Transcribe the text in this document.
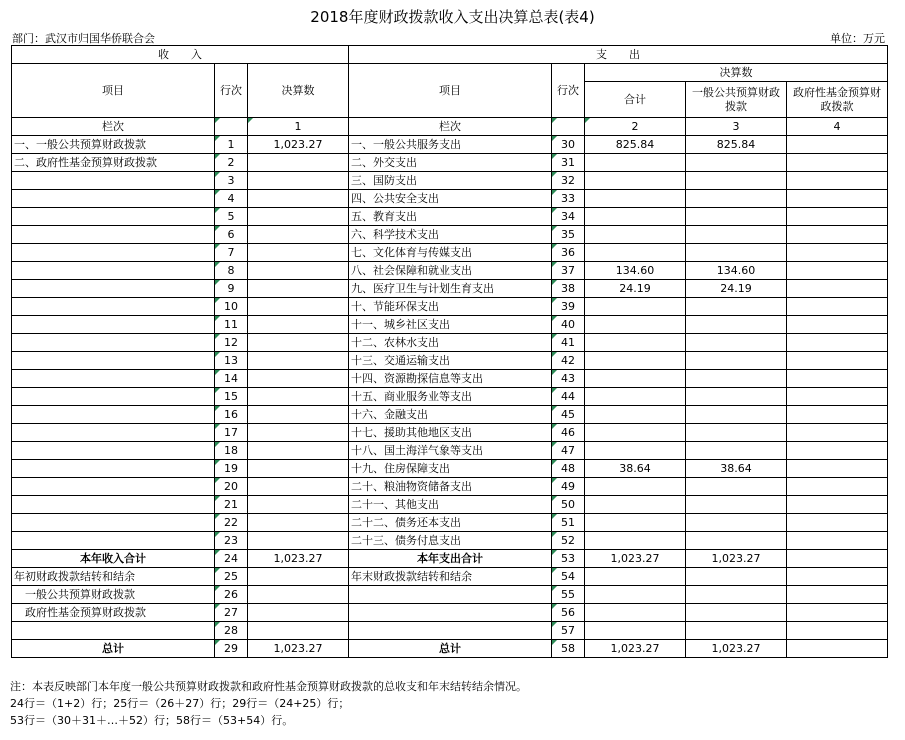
2018年度财政拨款收入支出决算总表(表4)
部门：武汉市归国华侨联合会	单位：万元
收　　入			支　　出				
项目	行次	决算数	项目	行次	决算数		
					合计	一般公共预算财政拨款	政府性基金预算财政拨款

栏次		1	栏次		2	3	4
一、一般公共预算财政拨款	1	1,023.27	一、一般公共服务支出	30	825.84	825.84	
二、政府性基金预算财政拨款	2		二、外交支出	31			
	3		三、国防支出	32			
	4		四、公共安全支出	33			
	5		五、教育支出	34			
	6		六、科学技术支出	35			
	7		七、文化体育与传媒支出	36			
	8		八、社会保障和就业支出	37	134.60	134.60	
	9		九、医疗卫生与计划生育支出	38	24.19	24.19	
	10		十、节能环保支出	39			
	11		十一、城乡社区支出	40			
	12		十二、农林水支出	41			
	13		十三、交通运输支出	42			
	14		十四、资源勘探信息等支出	43			
	15		十五、商业服务业等支出	44			
	16		十六、金融支出	45			
	17		十七、援助其他地区支出	46			
	18		十八、国土海洋气象等支出	47			
	19		十九、住房保障支出	48	38.64	38.64	
	20		二十、粮油物资储备支出	49			
	21		二十一、其他支出	50			
	22		二十二、债务还本支出	51			
	23		二十三、债务付息支出	52			
本年收入合计	24	1,023.27	本年支出合计	53	1,023.27	1,023.27	
年初财政拨款结转和结余	25		年末财政拨款结转和结余	54			
　一般公共预算财政拨款	26			55			
　政府性基金预算财政拨款	27			56			
	28			57			
总计	29	1,023.27	总计	58	1,023.27	1,023.27	
注：本表反映部门本年度一般公共预算财政拨款和政府性基金预算财政拨款的总收支和年末结转结余情况。
24行＝（1+2）行；25行＝（26＋27）行；29行＝（24+25）行；
53行＝（30＋31＋…＋52）行；58行＝（53+54）行。
